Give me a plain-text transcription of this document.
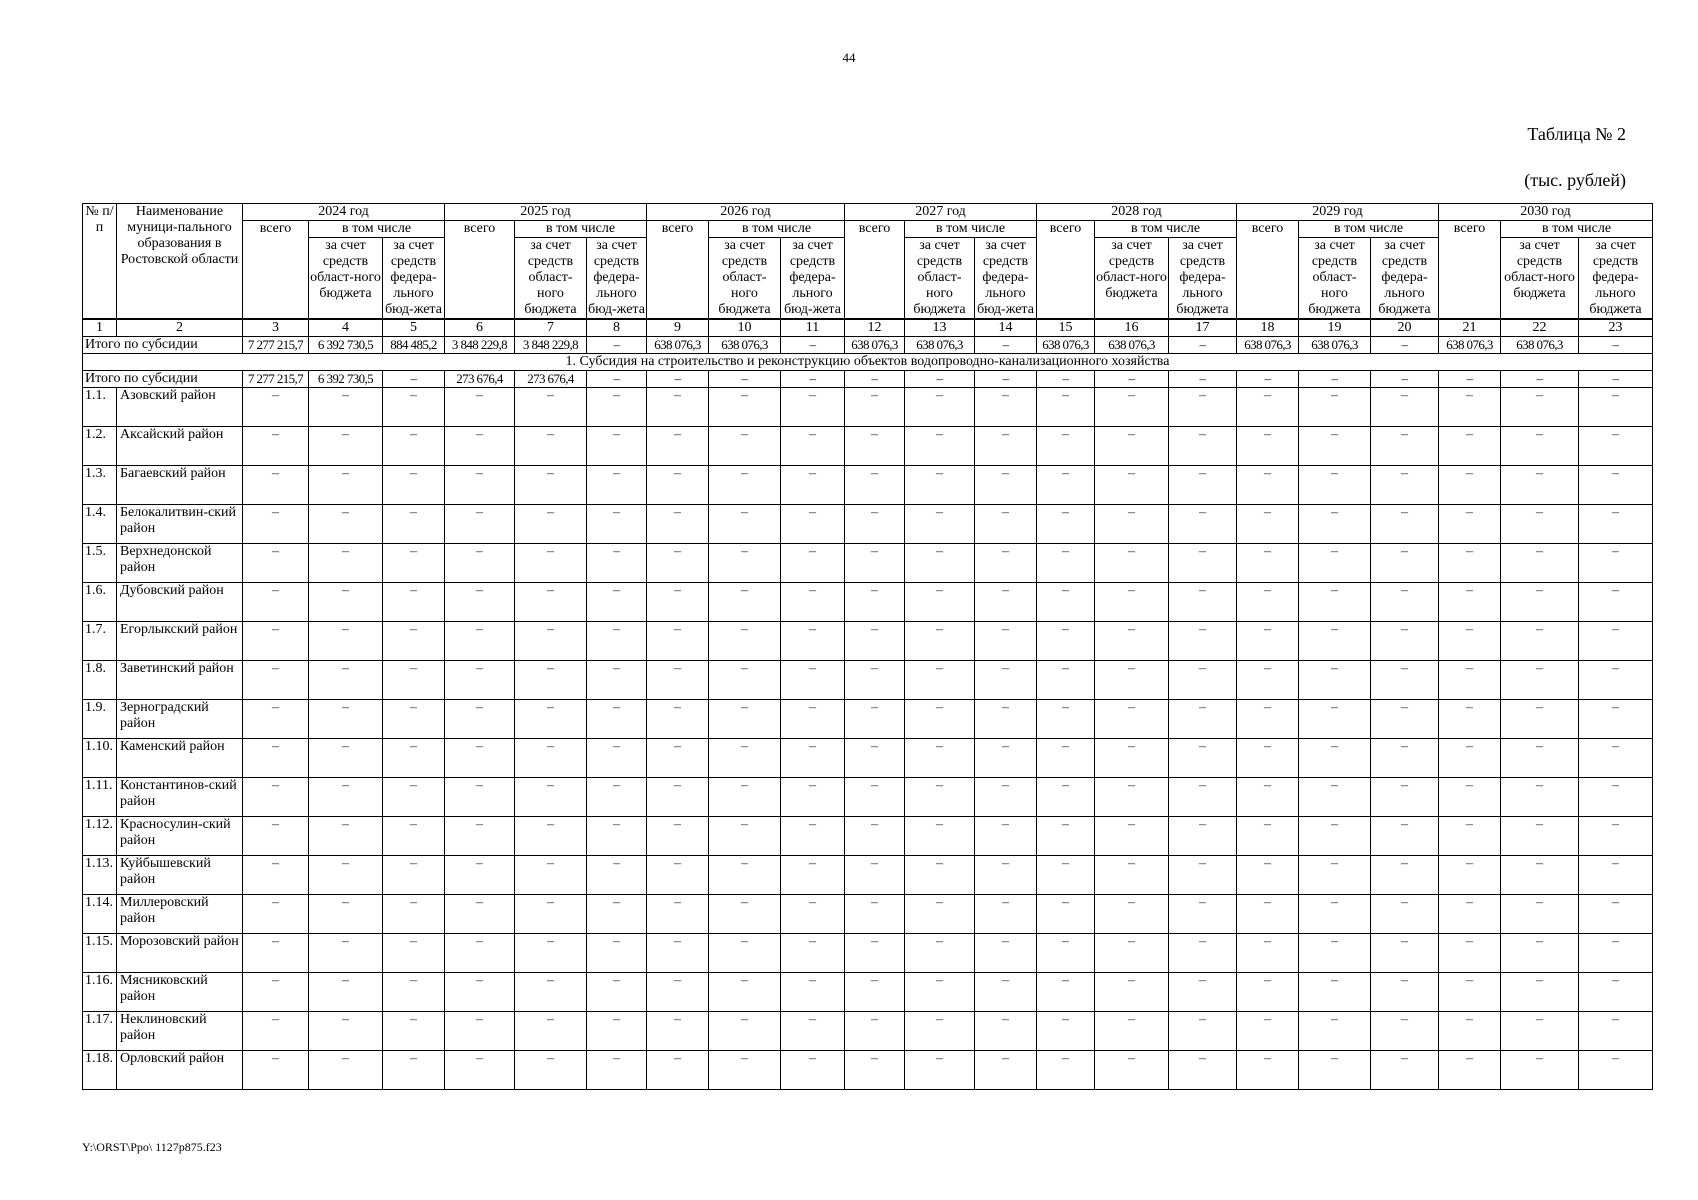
44
Таблица № 2
(тыс. рублей)
№ п/п	Наименование муници-пального образования в Ростовской области	2024 год			2025 год			2026 год			2027 год			2028 год			2029 год			2030 год		
		всего	в том числе		всего	в том числе		всего	в том числе		всего	в том числе		всего	в том числе		всего	в том числе		всего	в том числе	
			за счет средств област-ного бюджета	за счет средств федера-льного бюд-жета		за счет средств област-ного бюджета	за счет средств федера-льного бюд-жета		за счет средств област-ного бюджета	за счет средств федера-льного бюд-жета		за счет средств област-ного бюджета	за счет средств федера-льного бюд-жета		за счет средств област-ного бюджета	за счет средств федера-льного бюджета		за счет средств област-ного бюджета	за счет средств федера-льного бюджета		за счет средств област-ного бюджета	за счет средств федера-льного бюджета
1	2	3	4	5	6	7	8	9	10	11	12	13	14	15	16	17	18	19	20	21	22	23
Итого по субсидии		7 277 215,7	6 392 730,5	884 485,2	3 848 229,8	3 848 229,8	–	638 076,3	638 076,3	–	638 076,3	638 076,3	–	638 076,3	638 076,3	–	638 076,3	638 076,3	–	638 076,3	638 076,3	–
1. Субсидия на строительство и реконструкцию объектов водопроводно-канализационного хозяйства																						
Итого по субсидии		7 277 215,7	6 392 730,5	–	273 676,4	273 676,4	–	–	–	–	–	–	–	–	–	–	–	–	–	–	–	–
1.1.	Азовский район	–	–	–	–	–	–	–	–	–	–	–	–	–	–	–	–	–	–	–	–	–
1.2.	Аксайский район	–	–	–	–	–	–	–	–	–	–	–	–	–	–	–	–	–	–	–	–	–
1.3.	Багаевский район	–	–	–	–	–	–	–	–	–	–	–	–	–	–	–	–	–	–	–	–	–
1.4.	Белокалитвин-ский район	–	–	–	–	–	–	–	–	–	–	–	–	–	–	–	–	–	–	–	–	–
1.5.	Верхнедонской район	–	–	–	–	–	–	–	–	–	–	–	–	–	–	–	–	–	–	–	–	–
1.6.	Дубовский район	–	–	–	–	–	–	–	–	–	–	–	–	–	–	–	–	–	–	–	–	–
1.7.	Егорлыкский район	–	–	–	–	–	–	–	–	–	–	–	–	–	–	–	–	–	–	–	–	–
1.8.	Заветинский район	–	–	–	–	–	–	–	–	–	–	–	–	–	–	–	–	–	–	–	–	–
1.9.	Зерноградский район	–	–	–	–	–	–	–	–	–	–	–	–	–	–	–	–	–	–	–	–	–
1.10.	Каменский район	–	–	–	–	–	–	–	–	–	–	–	–	–	–	–	–	–	–	–	–	–
1.11.	Константинов-ский район	–	–	–	–	–	–	–	–	–	–	–	–	–	–	–	–	–	–	–	–	–
1.12.	Красносулин-ский район	–	–	–	–	–	–	–	–	–	–	–	–	–	–	–	–	–	–	–	–	–
1.13.	Куйбышевский район	–	–	–	–	–	–	–	–	–	–	–	–	–	–	–	–	–	–	–	–	–
1.14.	Миллеровский район	–	–	–	–	–	–	–	–	–	–	–	–	–	–	–	–	–	–	–	–	–
1.15.	Морозовский район	–	–	–	–	–	–	–	–	–	–	–	–	–	–	–	–	–	–	–	–	–
1.16.	Мясниковский район	–	–	–	–	–	–	–	–	–	–	–	–	–	–	–	–	–	–	–	–	–
1.17.	Неклиновский район	–	–	–	–	–	–	–	–	–	–	–	–	–	–	–	–	–	–	–	–	–
1.18.	Орловский район	–	–	–	–	–	–	–	–	–	–	–	–	–	–	–	–	–	–	–	–	–
Y:\ORST\Ppo\ 1127p875.f23
